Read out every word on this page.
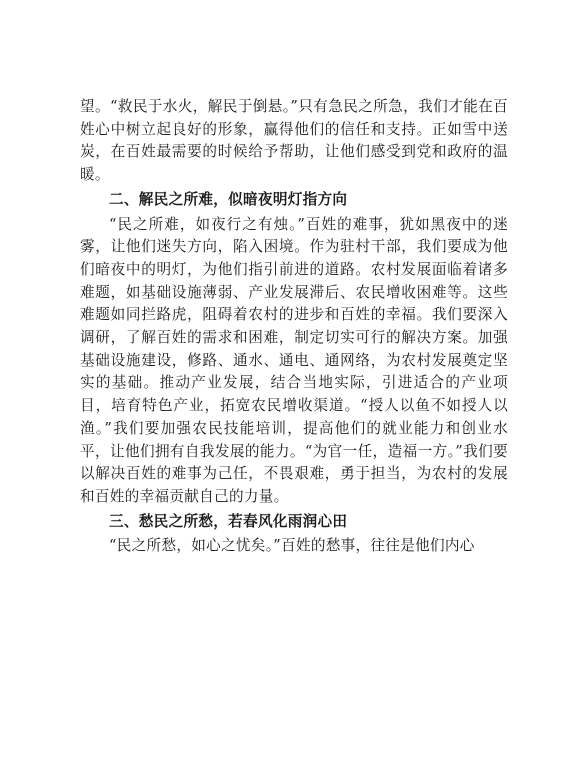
望。“救民于水火，解民于倒悬。”只有急民之所急，我们才能在百姓心中树立起良好的形象，赢得他们的信任和支持。正如雪中送炭，在百姓最需要的时候给予帮助，让他们感受到党和政府的温暖。

二、解民之所难，似暗夜明灯指方向

“民之所难，如夜行之有烛。”百姓的难事，犹如黑夜中的迷雾，让他们迷失方向，陷入困境。作为驻村干部，我们要成为他们暗夜中的明灯，为他们指引前进的道路。农村发展面临着诸多难题，如基础设施薄弱、产业发展滞后、农民增收困难等。这些难题如同拦路虎，阻碍着农村的进步和百姓的幸福。我们要深入调研，了解百姓的需求和困难，制定切实可行的解决方案。加强基础设施建设，修路、通水、通电、通网络，为农村发展奠定坚实的基础。推动产业发展，结合当地实际，引进适合的产业项目，培育特色产业，拓宽农民增收渠道。“授人以鱼不如授人以渔。”我们要加强农民技能培训，提高他们的就业能力和创业水平，让他们拥有自我发展的能力。“为官一任，造福一方。”我们要以解决百姓的难事为己任，不畏艰难，勇于担当，为农村的发展和百姓的幸福贡献自己的力量。

三、愁民之所愁，若春风化雨润心田

“民之所愁，如心之忧矣。”百姓的愁事，往往是他们内心
